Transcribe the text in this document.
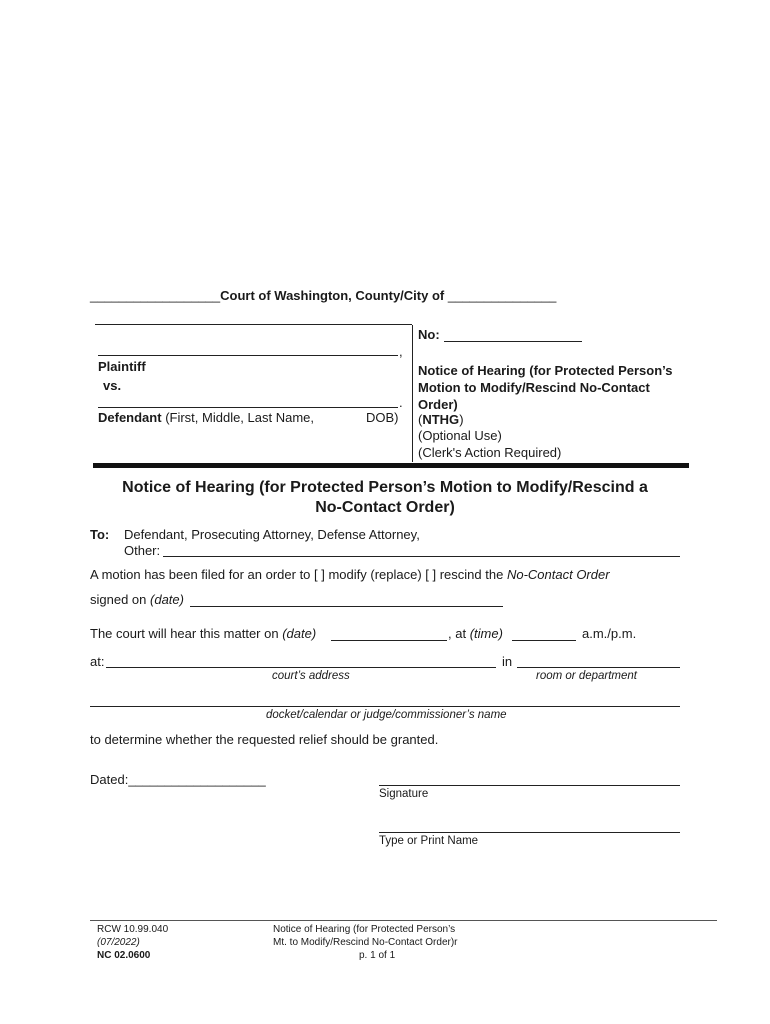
__________________Court of Washington, County/City of _______________
,
Plaintiff
vs.
.
Defendant (First, Middle, Last Name,	DOB)
No:
Notice of Hearing (for Protected Person’s Motion to Modify/Rescind No-Contact Order)
(NTHG)
(Optional Use)
(Clerk's Action Required)
Notice of Hearing (for Protected Person’s Motion to Modify/Rescind a
No-Contact Order)
To: Defendant, Prosecuting Attorney, Defense Attorney,
Other:
A motion has been filed for an order to [ ] modify (replace) [ ] rescind the No-Contact Order
signed on (date)
The court will hear this matter on (date)	, at (time)	a.m./p.m.
at:	in
court’s address	room or department
docket/calendar or judge/commissioner’s name
to determine whether the requested relief should be granted.
Dated:___________________
Signature
Type or Print Name
RCW 10.99.040
(07/2022)
NC 02.0600
Notice of Hearing (for Protected Person’s
Mt. to Modify/Rescind No-Contact Order)r
p. 1 of 1
